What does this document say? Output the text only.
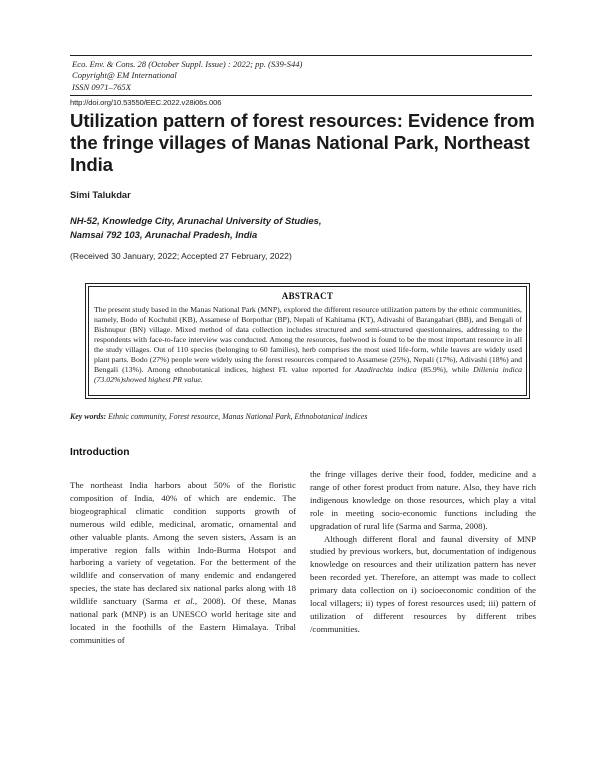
Eco. Env. & Cons. 28 (October Suppl. Issue) : 2022; pp. (S39-S44)
Copyright@ EM International
ISSN 0971–765X
http://doi.org/10.53550/EEC.2022.v28i06s.006
Utilization pattern of forest resources: Evidence from the fringe villages of Manas National Park, Northeast India
Simi Talukdar
NH-52, Knowledge City, Arunachal University of Studies,
Namsai 792 103, Arunachal Pradesh, India
(Received 30 January, 2022; Accepted 27 February, 2022)
ABSTRACT

The present study based in the Manas National Park (MNP), explored the different resource utilization pattern by the ethnic communities, namely, Bodo of Kochubil (KB), Assamese of Borpothar (BP), Nepali of Kahitama (KT), Adivashi of Barangabari (BB), and Bengali of Bishnupur (BN) village. Mixed method of data collection includes structured and semi-structured questionnaires, addressing to the respondents with face-to-face interview was conducted. Among the resources, fuelwood is found to be the most important resource in all the study villages. Out of 110 species (belonging to 60 families), herb comprises the most used life-form, while leaves are widely used plant parts. Bodo (27%) people were widely using the forest resources compared to Assamese (25%), Nepali (17%), Adivashi (18%) and Bengali (13%). Among ethnobotanical indices, highest FL value reported for Azadirachta indica (85.9%), while Dillenia indica (73.02%)showed highest PR value.

Key words: Ethnic community, Forest resource, Manas National Park, Ethnobotanical indices
Introduction

The northeast India harbors about 50% of the floristic composition of India, 40% of which are endemic. The biogeographical climatic condition supports growth of numerous wild edible, medicinal, aromatic, ornamental and other valuable plants. Among the seven sisters, Assam is an imperative region falls within Indo-Burma Hotspot and harboring a variety of vegetation. For the betterment of the wildlife and conservation of many endemic and endangered species, the state has declared six national parks along with 18 wildlife sanctuary (Sarma et al., 2008). Of these, Manas national park (MNP) is an UNESCO world heritage site and located in the foothills of the Eastern Himalaya. Tribal communities of

the fringe villages derive their food, fodder, medicine and a range of other forest product from nature. Also, they have rich indigenous knowledge on those resources, which play a vital role in meeting socio-economic functions including the upgradation of rural life (Sarma and Sarma, 2008).

Although different floral and faunal diversity of MNP studied by previous workers, but, documentation of indigenous knowledge on resources and their utilization pattern has never been recorded yet. Therefore, an attempt was made to collect primary data collection on i) socioeconomic condition of the local villagers; ii) types of forest resources used; iii) pattern of utilization of different resources by different tribes /communities.
